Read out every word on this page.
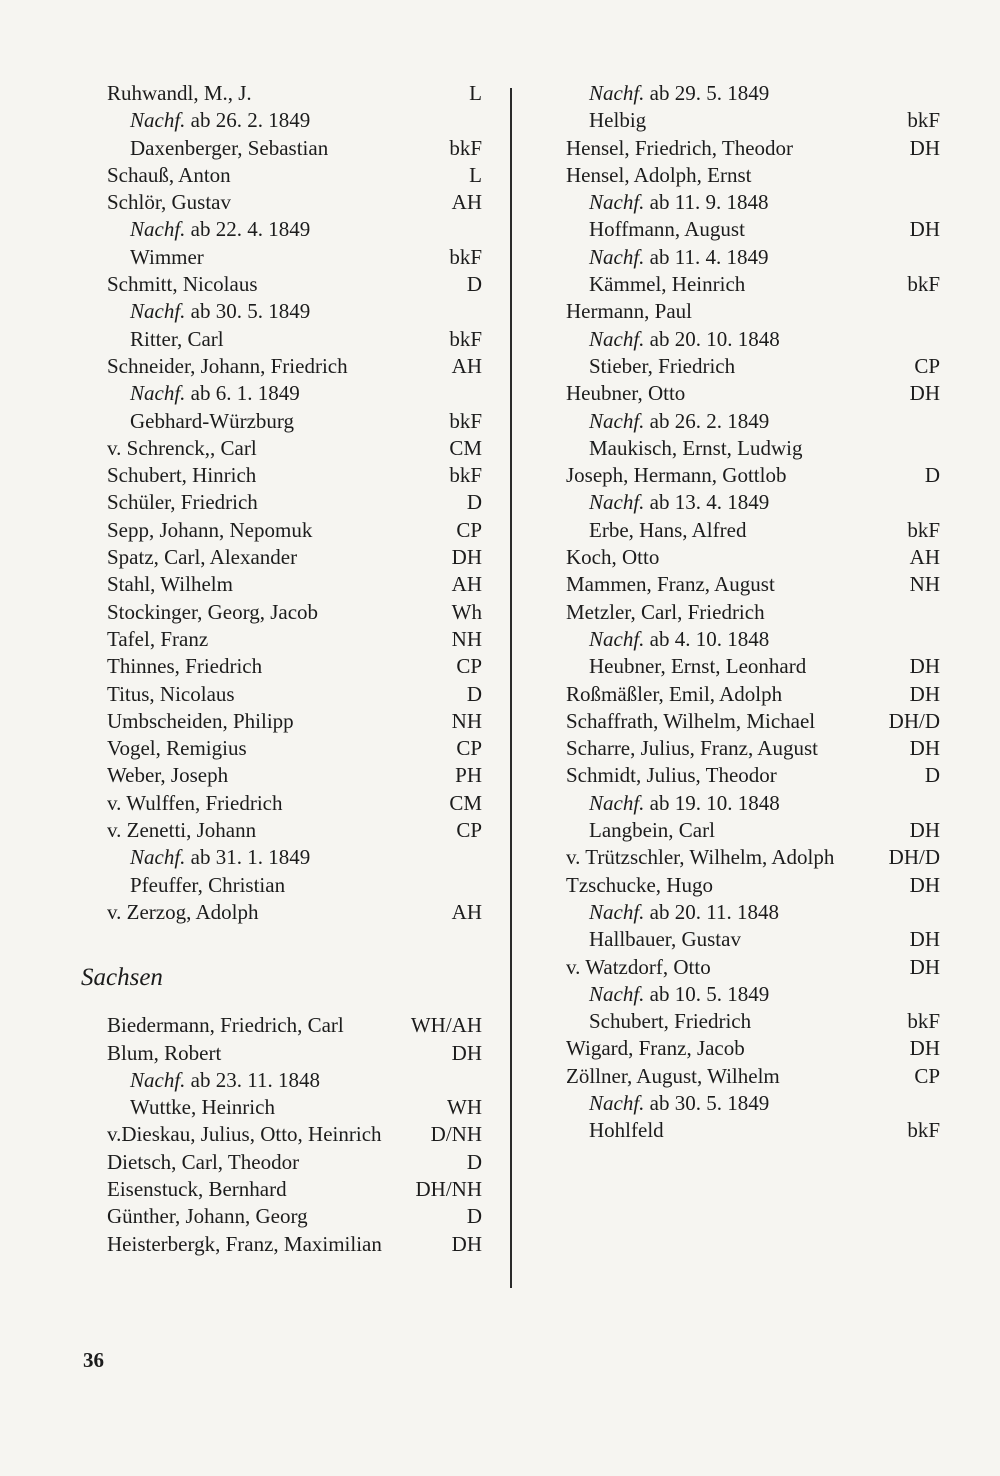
Ruhwandl, M., J.	L
Nachf. ab 26. 2. 1849
Daxenberger, Sebastian	bkF
Schauß, Anton	L
Schlör, Gustav	AH
Nachf. ab 22. 4. 1849
Wimmer	bkF
Schmitt, Nicolaus	D
Nachf. ab 30. 5. 1849
Ritter, Carl	bkF
Schneider, Johann, Friedrich	AH
Nachf. ab 6. 1. 1849
Gebhard-Würzburg	bkF
v. Schrenck,, Carl	CM
Schubert, Hinrich	bkF
Schüler, Friedrich	D
Sepp, Johann, Nepomuk	CP
Spatz, Carl, Alexander	DH
Stahl, Wilhelm	AH
Stockinger, Georg, Jacob	Wh
Tafel, Franz	NH
Thinnes, Friedrich	CP
Titus, Nicolaus	D
Umbscheiden, Philipp	NH
Vogel, Remigius	CP
Weber, Joseph	PH
v. Wulffen, Friedrich	CM
v. Zenetti, Johann	CP
Nachf. ab 31. 1. 1849
Pfeuffer, Christian
v. Zerzog, Adolph	AH
Sachsen
Biedermann, Friedrich, Carl	WH/AH
Blum, Robert	DH
Nachf. ab 23. 11. 1848
Wuttke, Heinrich	WH
v.Dieskau, Julius, Otto, Heinrich D/NH
Dietsch, Carl, Theodor	D
Eisenstuck, Bernhard	DH/NH
Günther, Johann, Georg	D
Heisterbergk, Franz, Maximilian	DH
Nachf. ab 29. 5. 1849
Helbig	bkF
Hensel, Friedrich, Theodor	DH
Hensel, Adolph, Ernst
Nachf. ab 11. 9. 1848
Hoffmann, August	DH
Nachf. ab 11. 4. 1849
Kämmel, Heinrich	bkF
Hermann, Paul
Nachf. ab 20. 10. 1848
Stieber, Friedrich	CP
Heubner, Otto	DH
Nachf. ab 26. 2. 1849
Maukisch, Ernst, Ludwig
Joseph, Hermann, Gottlob	D
Nachf. ab 13. 4. 1849
Erbe, Hans, Alfred	bkF
Koch, Otto	AH
Mammen, Franz, August	NH
Metzler, Carl, Friedrich
Nachf. ab 4. 10. 1848
Heubner, Ernst, Leonhard	DH
Roßmäßler, Emil, Adolph	DH
Schaffrath, Wilhelm, Michael	DH/D
Scharre, Julius, Franz, August	DH
Schmidt, Julius, Theodor	D
Nachf. ab 19. 10. 1848
Langbein, Carl	DH
v. Trützschler, Wilhelm, Adolph	DH/D
Tzschucke, Hugo	DH
Nachf. ab 20. 11. 1848
Hallbauer, Gustav	DH
v. Watzdorf, Otto	DH
Nachf. ab 10. 5. 1849
Schubert, Friedrich	bkF
Wigard, Franz, Jacob	DH
Zöllner, August, Wilhelm	CP
Nachf. ab 30. 5. 1849
Hohlfeld	bkF
36
